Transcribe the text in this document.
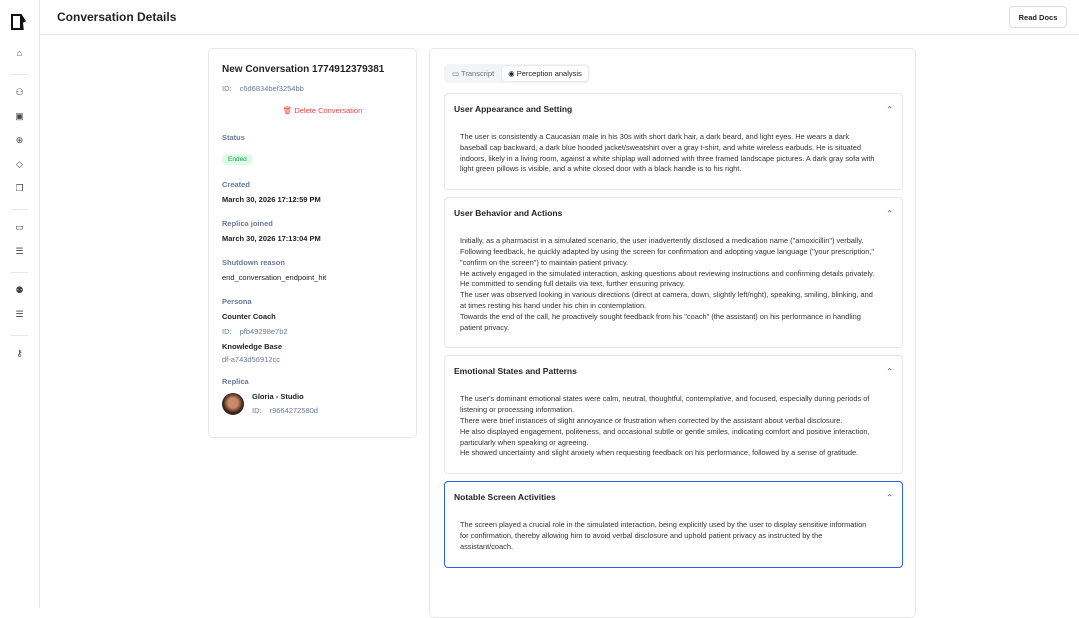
⌂
⚇
▣
⊕
◇
❐
▭
☰
⚉
☰
⚷
Conversation Details	Read Docs
New Conversation 1774912379381
ID: c6d6834bef3254bb
🗑 Delete Conversation
Status
Ended
Created
March 30, 2026 17:12:59 PM
Replica joined
March 30, 2026 17:13:04 PM
Shutdown reason
end_conversation_endpoint_hit
Persona
Counter Coach
ID: pfb49298e7b2
Knowledge Base
df-a743d56912cc
Replica
Gloria - Studio
ID: r9664272580d
▭ Transcript	◉ Perception analysis
User Appearance and Setting	⌃
The user is consistently a Caucasian male in his 30s with short dark hair, a dark beard, and light eyes. He wears a dark baseball cap backward, a dark blue hooded jacket/sweatshirt over a gray t-shirt, and white wireless earbuds. He is situated indoors, likely in a living room, against a white shiplap wall adorned with three framed landscape pictures. A dark gray sofa with light green pillows is visible, and a white closed door with a black handle is to his right.
User Behavior and Actions	⌃
Initially, as a pharmacist in a simulated scenario, the user inadvertently disclosed a medication name ("amoxicillin") verbally.
Following feedback, he quickly adapted by using the screen for confirmation and adopting vague language ("your prescription," "confirm on the screen") to maintain patient privacy.
He actively engaged in the simulated interaction, asking questions about reviewing instructions and confirming details privately.
He committed to sending full details via text, further ensuring privacy.
The user was observed looking in various directions (direct at camera, down, slightly left/right), speaking, smiling, blinking, and at times resting his hand under his chin in contemplation.
Towards the end of the call, he proactively sought feedback from his "coach" (the assistant) on his performance in handling patient privacy.
Emotional States and Patterns	⌃
The user's dominant emotional states were calm, neutral, thoughtful, contemplative, and focused, especially during periods of listening or processing information.
There were brief instances of slight annoyance or frustration when corrected by the assistant about verbal disclosure.
He also displayed engagement, politeness, and occasional subtle or gentle smiles, indicating comfort and positive interaction, particularly when speaking or agreeing.
He showed uncertainty and slight anxiety when requesting feedback on his performance, followed by a sense of gratitude.
Notable Screen Activities	⌃
The screen played a crucial role in the simulated interaction, being explicitly used by the user to display sensitive information for confirmation, thereby allowing him to avoid verbal disclosure and uphold patient privacy as instructed by the assistant/coach.
